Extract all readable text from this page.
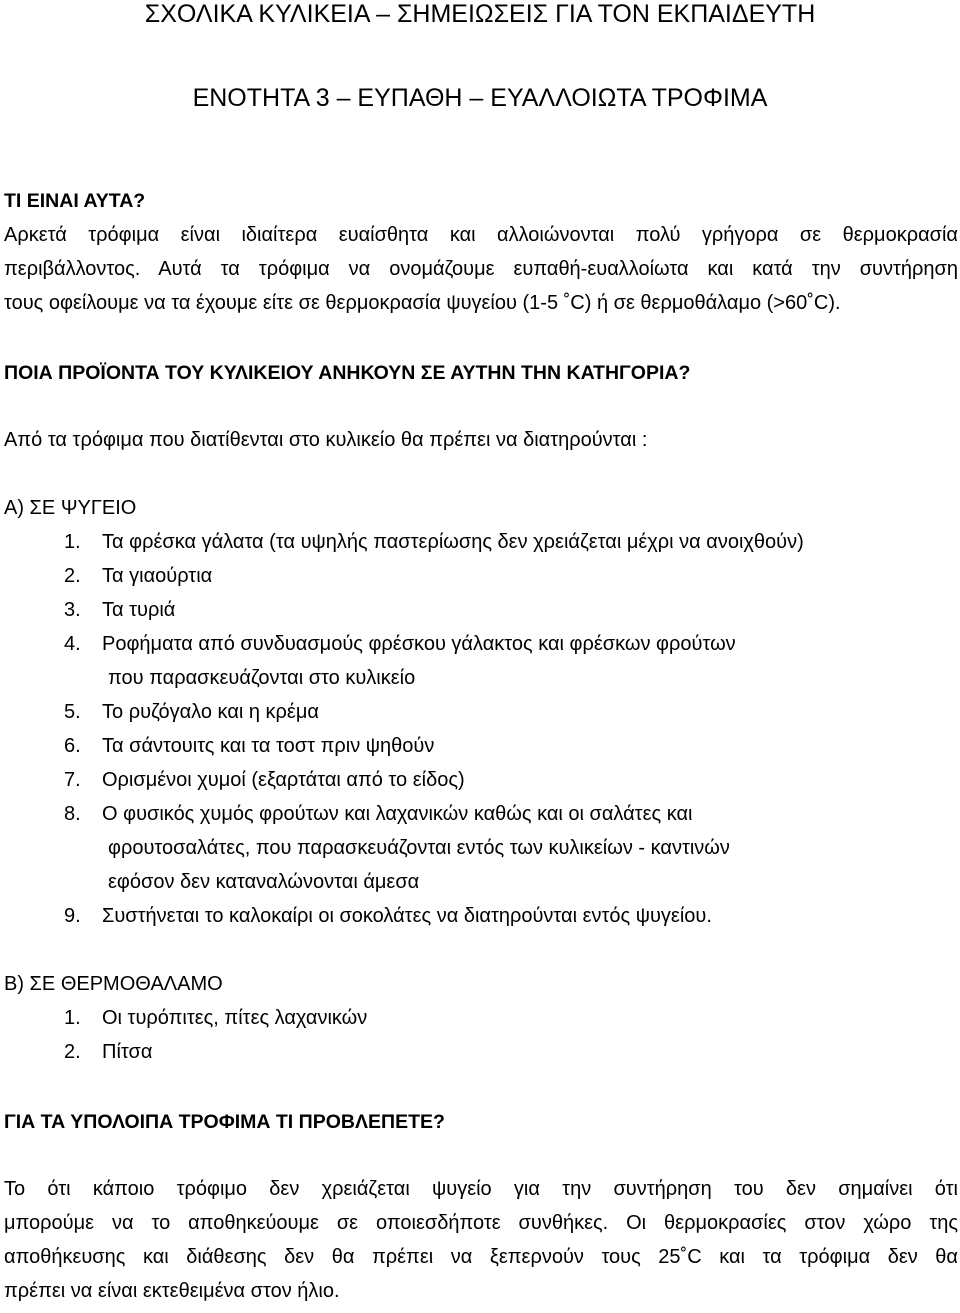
ΣΧΟΛΙΚΑ ΚΥΛΙΚΕΙΑ – ΣΗΜΕΙΩΣΕΙΣ ΓΙΑ ΤΟΝ ΕΚΠΑΙΔΕΥΤΗ
ΕΝΟΤΗΤΑ 3 – ΕΥΠΑΘΗ – ΕΥΑΛΛΟΙΩΤΑ ΤΡΟΦΙΜΑ
ΤΙ ΕΙΝΑΙ ΑΥΤΑ?
Αρκετά τρόφιμα είναι ιδιαίτερα ευαίσθητα και αλλοιώνονται πολύ γρήγορα σε θερμοκρασία
περιβάλλοντος. Αυτά τα τρόφιμα να ονομάζουμε ευπαθή-ευαλλοίωτα και κατά την συντήρηση
τους οφείλουμε να τα έχουμε είτε σε θερμοκρασία ψυγείου (1-5 ˚C) ή σε θερμοθάλαμο (>60˚C).
ΠΟΙΑ ΠΡΟΪΟΝΤΑ ΤΟΥ ΚΥΛΙΚΕΙΟΥ ΑΝΗΚΟΥΝ ΣΕ ΑΥΤΗΝ ΤΗΝ ΚΑΤΗΓΟΡΙΑ?
Από τα τρόφιμα που διατίθενται στο κυλικείο θα πρέπει να διατηρούνται :
Α) ΣΕ ΨΥΓΕΙΟ
1. Τα φρέσκα γάλατα (τα υψηλής παστερίωσης δεν χρειάζεται μέχρι να ανοιχθούν)
2. Τα γιαούρτια
3. Τα τυριά
4. Ροφήματα από συνδυασμούς φρέσκου γάλακτος και φρέσκων φρούτων
που παρασκευάζονται στο κυλικείο
5. Το ρυζόγαλο και η κρέμα
6. Τα σάντουιτς και τα τοστ πριν ψηθούν
7. Ορισμένοι χυμοί (εξαρτάται από το είδος)
8. Ο φυσικός χυμός φρούτων και λαχανικών καθώς και οι σαλάτες και
φρουτοσαλάτες, που παρασκευάζονται εντός των κυλικείων - καντινών
εφόσον δεν καταναλώνονται άμεσα
9. Συστήνεται το καλοκαίρι οι σοκολάτες να διατηρούνται εντός ψυγείου.
Β) ΣΕ ΘΕΡΜΟΘΑΛΑΜΟ
1. Οι τυρόπιτες, πίτες λαχανικών
2. Πίτσα
ΓΙΑ ΤΑ ΥΠΟΛΟΙΠΑ ΤΡΟΦΙΜΑ ΤΙ ΠΡΟΒΛΕΠΕΤΕ?
Το ότι κάποιο τρόφιμο δεν χρειάζεται ψυγείο για την συντήρηση του δεν σημαίνει ότι
μπορούμε να το αποθηκεύουμε σε οποιεσδήποτε συνθήκες. Οι θερμοκρασίες στον χώρο της
αποθήκευσης και διάθεσης δεν θα πρέπει να ξεπερνούν τους 25˚C και τα τρόφιμα δεν θα
πρέπει να είναι εκτεθειμένα στον ήλιο.
